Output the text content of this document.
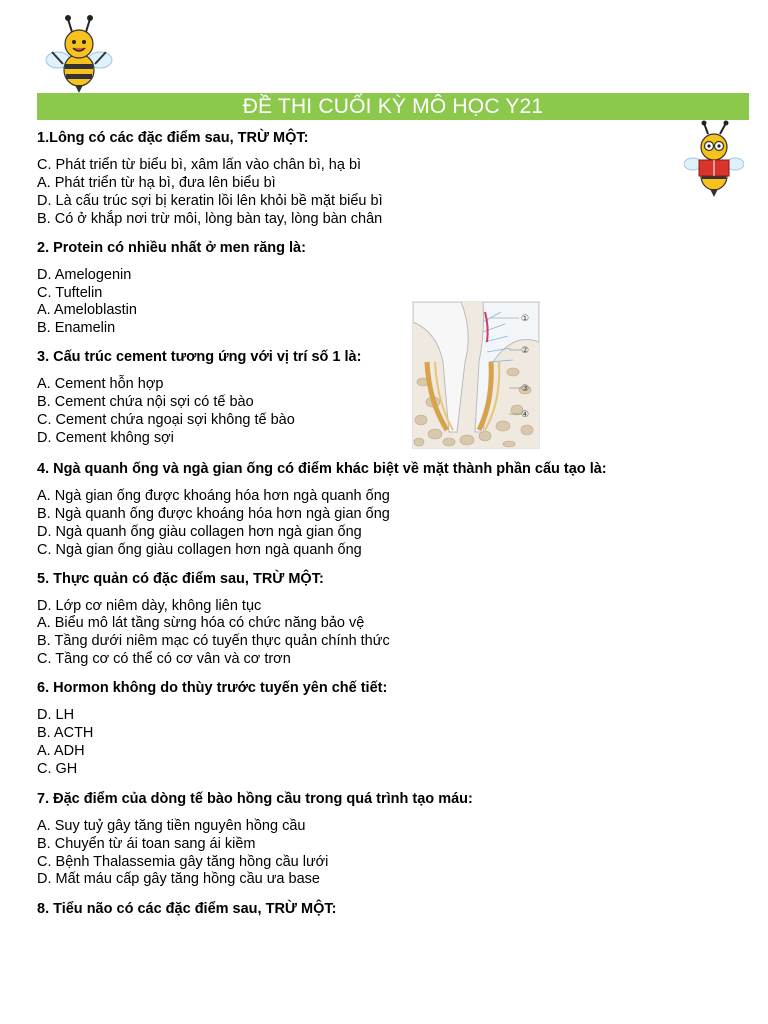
ĐỀ THI CUỐI KỲ MÔ HỌC Y21
①
②
③
④

1.Lông có các đặc điểm sau, TRỪ MỘT:

C. Phát triển từ biểu bì, xâm lấn vào chân bì, hạ bì
A. Phát triển từ hạ bì, đưa lên biểu bì
D. Là cấu trúc sợi bị keratin lồi lên khỏi bề mặt biểu bì
B. Có ở khắp nơi trừ môi, lòng bàn tay, lòng bàn chân

2. Protein có nhiều nhất ở men răng là:

D. Amelogenin
C. Tuftelin
A. Ameloblastin
B. Enamelin

3. Cấu trúc cement tương ứng với vị trí số 1 là:

A. Cement hỗn hợp
B. Cement chứa nội sợi có tế bào
C. Cement chứa ngoại sợi không tế bào
D. Cement không sợi

4. Ngà quanh ống và ngà gian ống có điểm khác biệt về mặt thành phần cấu tạo là:

A. Ngà gian ống được khoáng hóa hơn ngà quanh ống
B. Ngà quanh ống được khoáng hóa hơn ngà gian ống
D. Ngà quanh ống giàu collagen hơn ngà gian ống
C. Ngà gian ống giàu collagen hơn ngà quanh ống

5. Thực quản có đặc điểm sau, TRỪ MỘT:

D. Lớp cơ niêm dày, không liên tục
A. Biểu mô lát tầng sừng hóa có chức năng bảo vệ
B. Tầng dưới niêm mạc có tuyến thực quản chính thức
C. Tầng cơ có thể có cơ vân và cơ trơn

6. Hormon không do thùy trước tuyến yên chế tiết:

D. LH
B. ACTH
A. ADH
C. GH

7. Đặc điểm của dòng tế bào hồng cầu trong quá trình tạo máu:

A. Suy tuỷ gây tăng tiền nguyên hồng cầu
B. Chuyển từ ái toan sang ái kiềm
C. Bệnh Thalassemia gây tăng hồng cầu lưới
D. Mất máu cấp gây tăng hồng cầu ưa base

8. Tiểu não có các đặc điểm sau, TRỪ MỘT:
